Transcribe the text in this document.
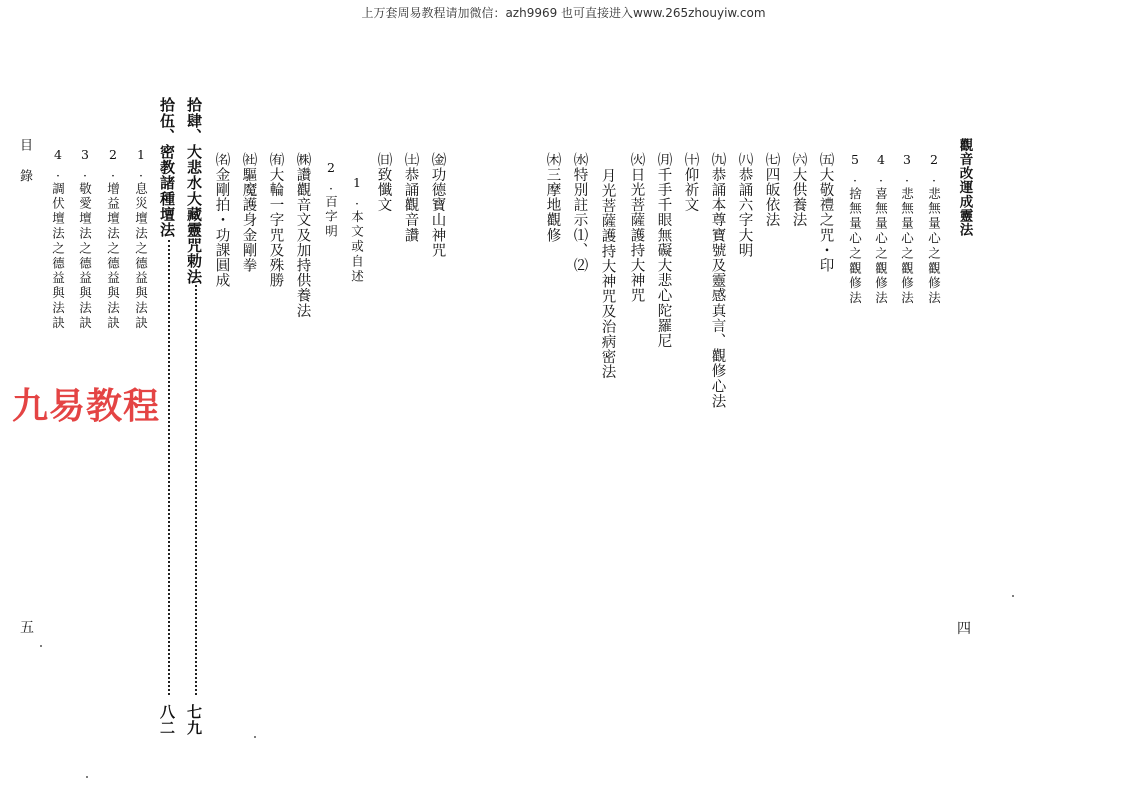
上万套周易教程请加微信：azh9969 也可直接进入www.265zhouyiw.com
觀音改運成靈法
2.悲無量心之觀修法
3.悲無量心之觀修法
4.喜無量心之觀修法
5.捨無量心之觀修法
㈤大敬禮之咒・印
㈥大供養法
㈦四皈依法
㈧恭誦六字大明
㈨恭誦本尊寶號及靈感真言、觀修心法
㈩仰祈文
㈪千手千眼無礙大悲心陀羅尼
㈫日光菩薩護持大神咒
月光菩薩護持大神咒及治病密法
㈬特別註示⑴、⑵
㈭三摩地觀修
四
㈮功德寶山神咒
㈯恭誦觀音讚
㈰致懺文
1.本文或自述
2.百字明
㈱讚觀音文及加持供養法
㈲大輪一字咒及殊勝
㈳驅魔護身金剛拳
㈴金剛拍・功課圓成
拾肆、大悲水大藏靈咒勅法
七九
拾伍、密教諸種壇法
八二
1.息災壇法之德益與法訣
2.增益壇法之德益與法訣
3.敬愛壇法之德益與法訣
4.調伏壇法之德益與法訣
目錄
五
九易教程
